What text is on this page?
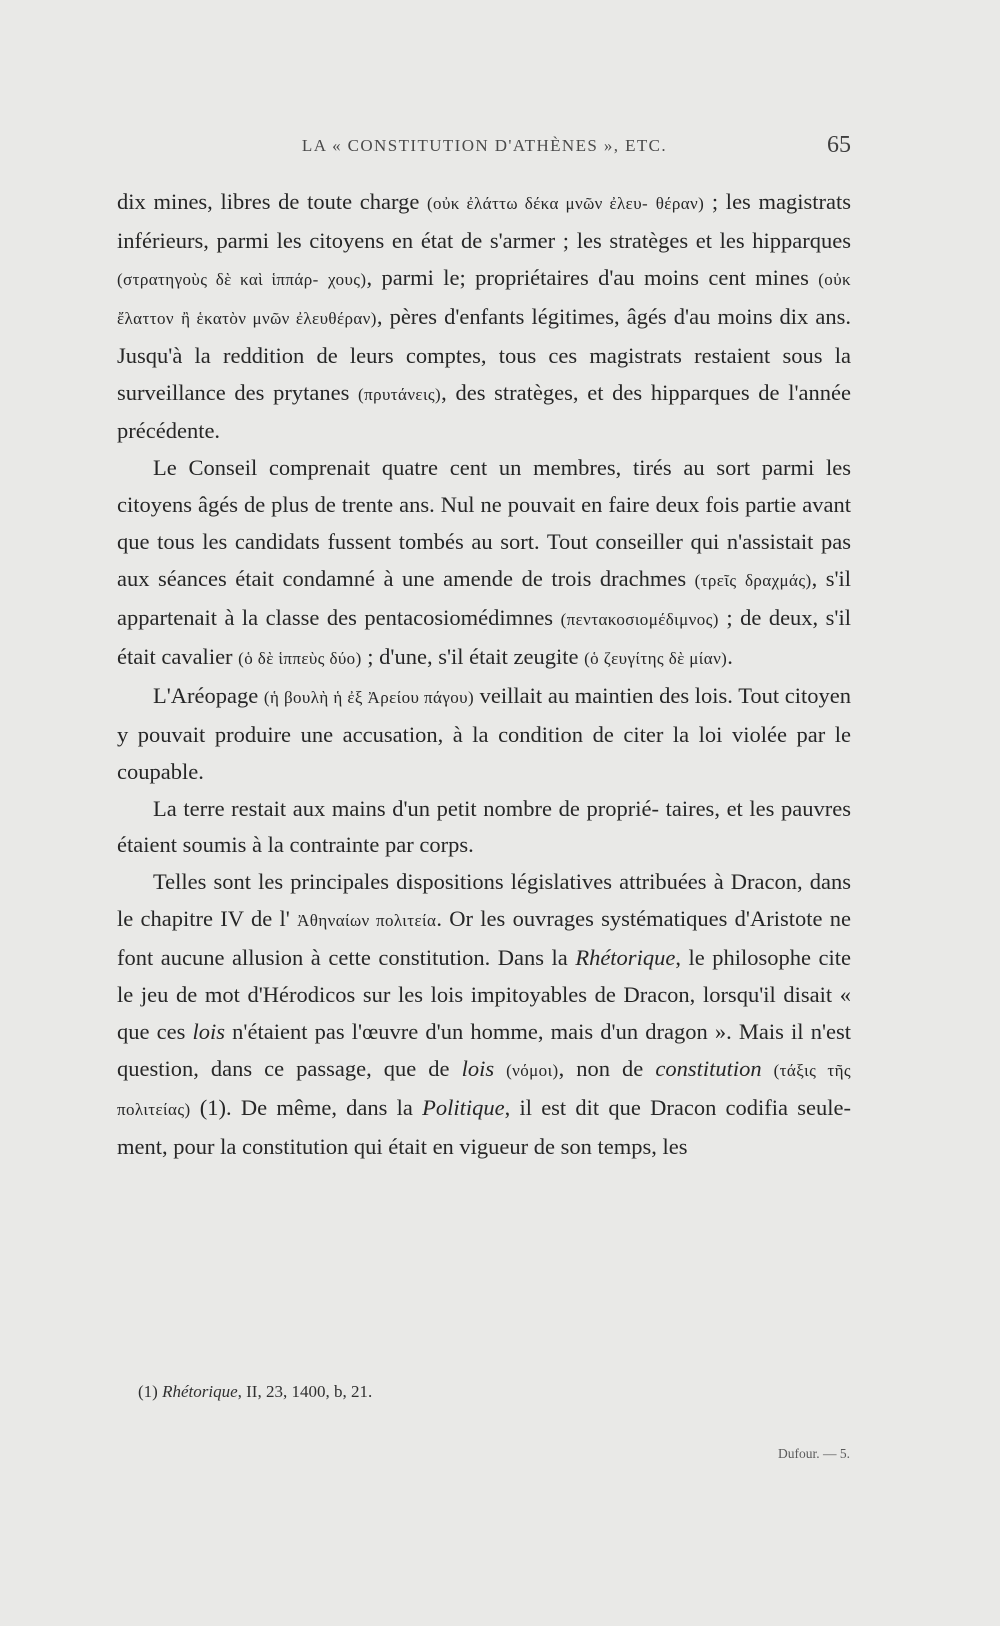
LA « CONSTITUTION D'ATHÈNES », ETC.	65

dix mines, libres de toute charge (οὐκ ἐλάττω δέκα μνῶν ἐλευ- θέραν) ; les magistrats inférieurs, parmi les citoyens en état de s'armer ; les stratèges et les hipparques (στρατηγοὺς δὲ καὶ ἱππάρ- χους), parmi le; propriétaires d'au moins cent mines (οὐκ ἔλαττον ἢ ἑκατὸν μνῶν ἐλευθέραν), pères d'enfants légitimes, âgés d'au moins dix ans. Jusqu'à la reddition de leurs comptes, tous ces magistrats restaient sous la surveillance des prytanes (πρυτάνεις), des stratèges, et des hipparques de l'année précédente.

Le Conseil comprenait quatre cent un membres, tirés au sort parmi les citoyens âgés de plus de trente ans. Nul ne pouvait en faire deux fois partie avant que tous les candidats fussent tombés au sort. Tout conseiller qui n'assistait pas aux séances était condamné à une amende de trois drachmes (τρεῖς δραχμάς), s'il appartenait à la classe des pentacosiomédimnes (πεντακοσιομέδιμνος) ; de deux, s'il était cavalier (ὁ δὲ ἱππεὺς δύο) ; d'une, s'il était zeugite (ὁ ζευγίτης δὲ μίαν).

L'Aréopage (ἡ βουλὴ ἡ ἐξ Ἀρείου πάγου) veillait au maintien des lois. Tout citoyen y pouvait produire une accusation, à la condition de citer la loi violée par le coupable.

La terre restait aux mains d'un petit nombre de proprié- taires, et les pauvres étaient soumis à la contrainte par corps.

Telles sont les principales dispositions législatives attribuées à Dracon, dans le chapitre IV de l' Ἀθηναίων πολιτεία. Or les ouvrages systématiques d'Aristote ne font aucune allusion à cette constitution. Dans la Rhétorique, le philosophe cite le jeu de mot d'Hérodicos sur les lois impitoyables de Dracon, lorsqu'il disait « que ces lois n'étaient pas l'œuvre d'un homme, mais d'un dragon ». Mais il n'est question, dans ce passage, que de lois (νόμοι), non de constitution (τάξις τῆς πολιτείας) (1). De même, dans la Politique, il est dit que Dracon codifia seule- ment, pour la constitution qui était en vigueur de son temps, les

(1) Rhétorique, II, 23, 1400, b, 21.
Dufour. — 5.
